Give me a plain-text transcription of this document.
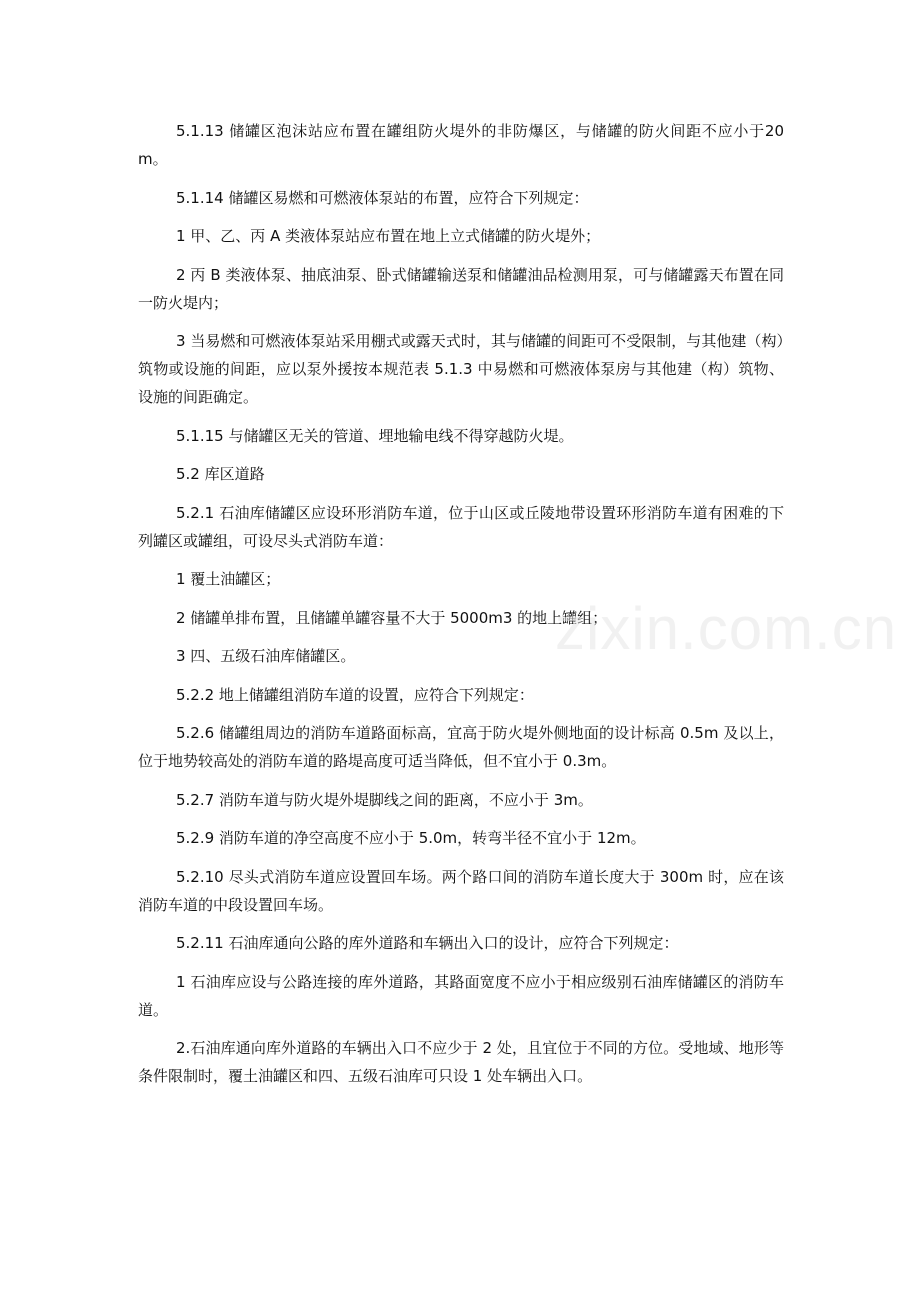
5.1.13 储罐区泡沫站应布置在罐组防火堤外的非防爆区，与储罐的防火间距不应小于20m。

5.1.14 储罐区易燃和可燃液体泵站的布置，应符合下列规定：

1 甲、乙、丙 A 类液体泵站应布置在地上立式储罐的防火堤外；

2 丙 B 类液体泵、抽底油泵、卧式储罐输送泵和储罐油品检测用泵，可与储罐露天布置在同一防火堤内；

3 当易燃和可燃液体泵站采用棚式或露天式时，其与储罐的间距可不受限制，与其他建（构）筑物或设施的间距，应以泵外援按本规范表 5.1.3 中易燃和可燃液体泵房与其他建（构）筑物、设施的间距确定。

5.1.15 与储罐区无关的管道、埋地输电线不得穿越防火堤。

5.2 库区道路

5.2.1 石油库储罐区应设环形消防车道，位于山区或丘陵地带设置环形消防车道有困难的下列罐区或罐组，可设尽头式消防车道：

1 覆土油罐区；

2 储罐单排布置，且储罐单罐容量不大于 5000m3 的地上罐组；

3 四、五级石油库储罐区。

5.2.2 地上储罐组消防车道的设置，应符合下列规定：

5.2.6 储罐组周边的消防车道路面标高，宜高于防火堤外侧地面的设计标高 0.5m 及以上，位于地势较高处的消防车道的路堤高度可适当降低，但不宜小于 0.3m。

5.2.7 消防车道与防火堤外堤脚线之间的距离，不应小于 3m。

5.2.9 消防车道的净空高度不应小于 5.0m，转弯半径不宜小于 12m。

5.2.10 尽头式消防车道应设置回车场。两个路口间的消防车道长度大于 300m 时，应在该消防车道的中段设置回车场。

5.2.11 石油库通向公路的库外道路和车辆出入口的设计，应符合下列规定：

1 石油库应设与公路连接的库外道路，其路面宽度不应小于相应级别石油库储罐区的消防车道。

2.石油库通向库外道路的车辆出入口不应少于 2 处，且宜位于不同的方位。受地域、地形等条件限制时，覆土油罐区和四、五级石油库可只设 1 处车辆出入口。

zixin.com.cn
